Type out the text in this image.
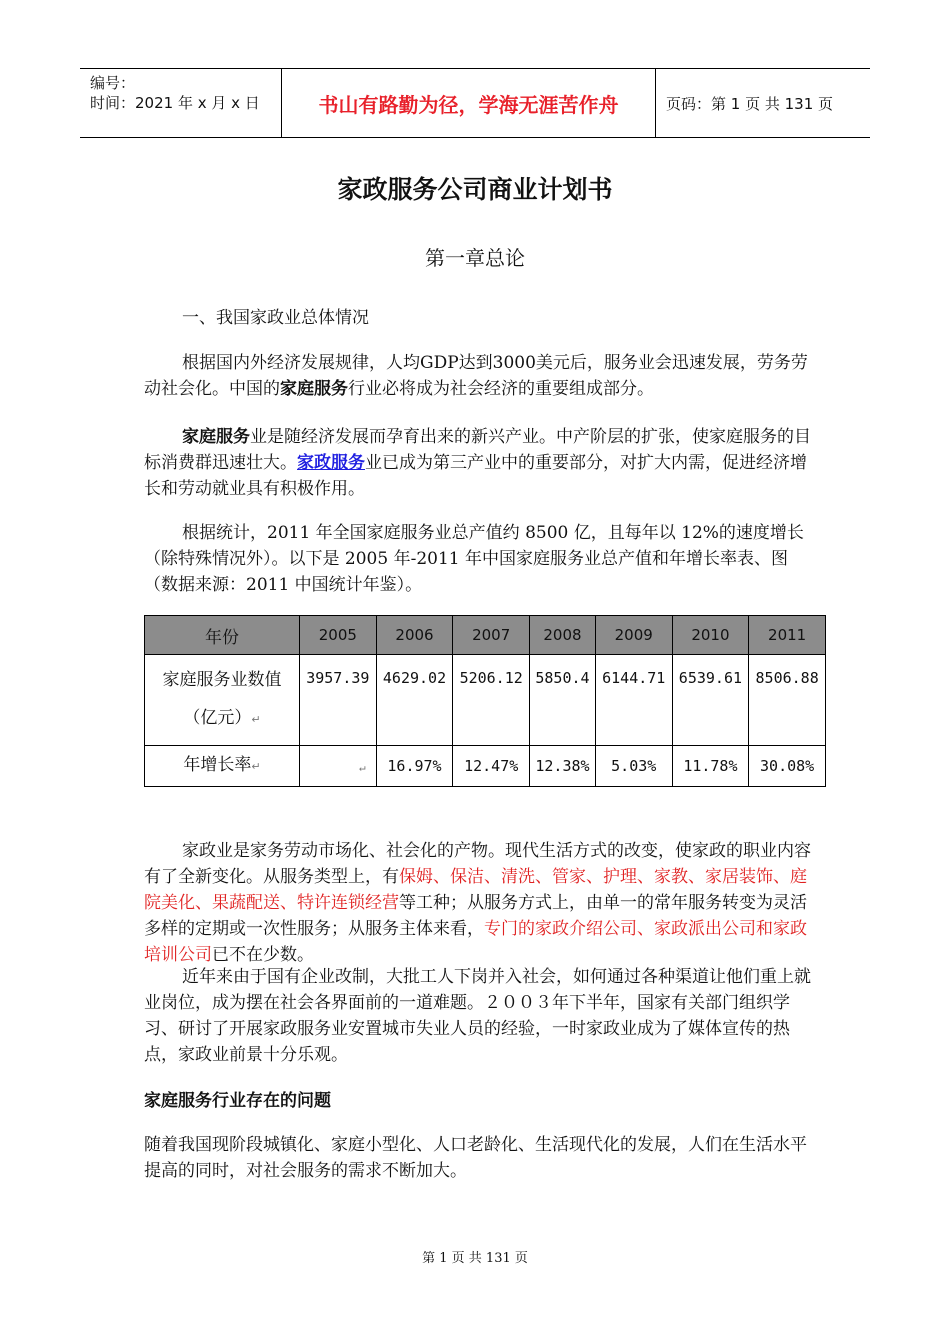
编号：
时间：2021 年 x 月 x 日	书山有路勤为径，学海无涯苦作舟	页码：第 1 页 共 131 页
家政服务公司商业计划书
第一章总论

一、我国家政业总体情况

根据国内外经济发展规律，人均GDP达到3000美元后，服务业会迅速发展，劳务劳动社会化。中国的家庭服务行业必将成为社会经济的重要组成部分。

家庭服务业是随经济发展而孕育出来的新兴产业。中产阶层的扩张，使家庭服务的目标消费群迅速壮大。家政服务业已成为第三产业中的重要部分，对扩大内需，促进经济增长和劳动就业具有积极作用。

根据统计，2011 年全国家庭服务业总产值约 8500 亿，且每年以 12%的速度增长（除特殊情况外）。以下是 2005 年-2011 年中国家庭服务业总产值和年增长率表、图（数据来源：2011 中国统计年鉴）。

年份	2005	2006	2007	2008	2009	2010	2011

家庭服务业数值
（亿元）↵	3957.39	4629.02	5206.12	5850.4	6144.71	6539.61	8506.88
年增长率↵	↵	16.97%	12.47%	12.38%	5.03%	11.78%	30.08%

家政业是家务劳动市场化、社会化的产物。现代生活方式的改变，使家政的职业内容有了全新变化。从服务类型上，有保姆、保洁、清洗、管家、护理、家教、家居装饰、庭院美化、果蔬配送、特许连锁经营等工种；从服务方式上，由单一的常年服务转变为灵活多样的定期或一次性服务；从服务主体来看，专门的家政介绍公司、家政派出公司和家政培训公司已不在少数。

近年来由于国有企业改制，大批工人下岗并入社会，如何通过各种渠道让他们重上就业岗位，成为摆在社会各界面前的一道难题。２００３年下半年，国家有关部门组织学习、研讨了开展家政服务业安置城市失业人员的经验，一时家政业成为了媒体宣传的热点，家政业前景十分乐观。

家庭服务行业存在的问题

随着我国现阶段城镇化、家庭小型化、人口老龄化、生活现代化的发展，人们在生活水平提高的同时，对社会服务的需求不断加大。

第 1 页 共 131 页
